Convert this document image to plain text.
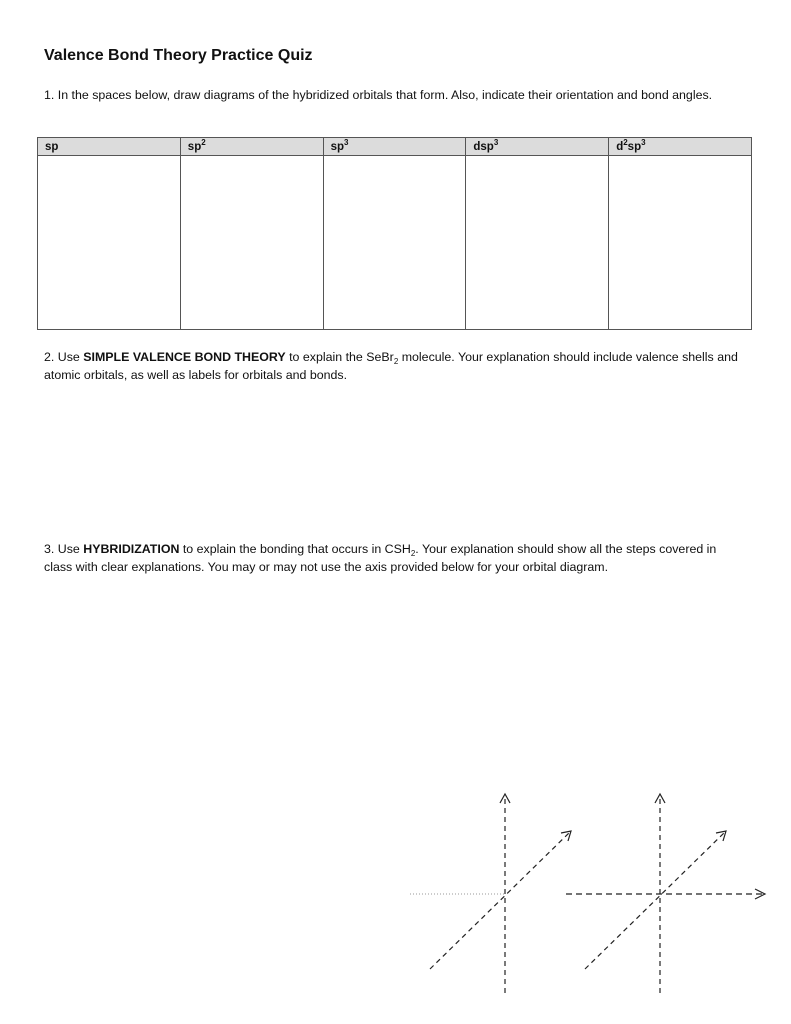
Valence Bond Theory Practice Quiz

1. In the spaces below, draw diagrams of the hybridized orbitals that form. Also, indicate their orientation and bond angles.

sp	$sp^2$	$sp^3$	dsp$^3$	$d^2sp^3$

2. Use SIMPLE VALENCE BOND THEORY to explain the SeBr$_2$ molecule. Your explanation should include valence shells and atomic orbitals, as well as labels for orbitals and bonds.

3. Use HYBRIDIZATION to explain the bonding that occurs in $CSH_2$. Your explanation should show all the steps covered in class with clear explanations. You may or may not use the axis provided below for your orbital diagram.
